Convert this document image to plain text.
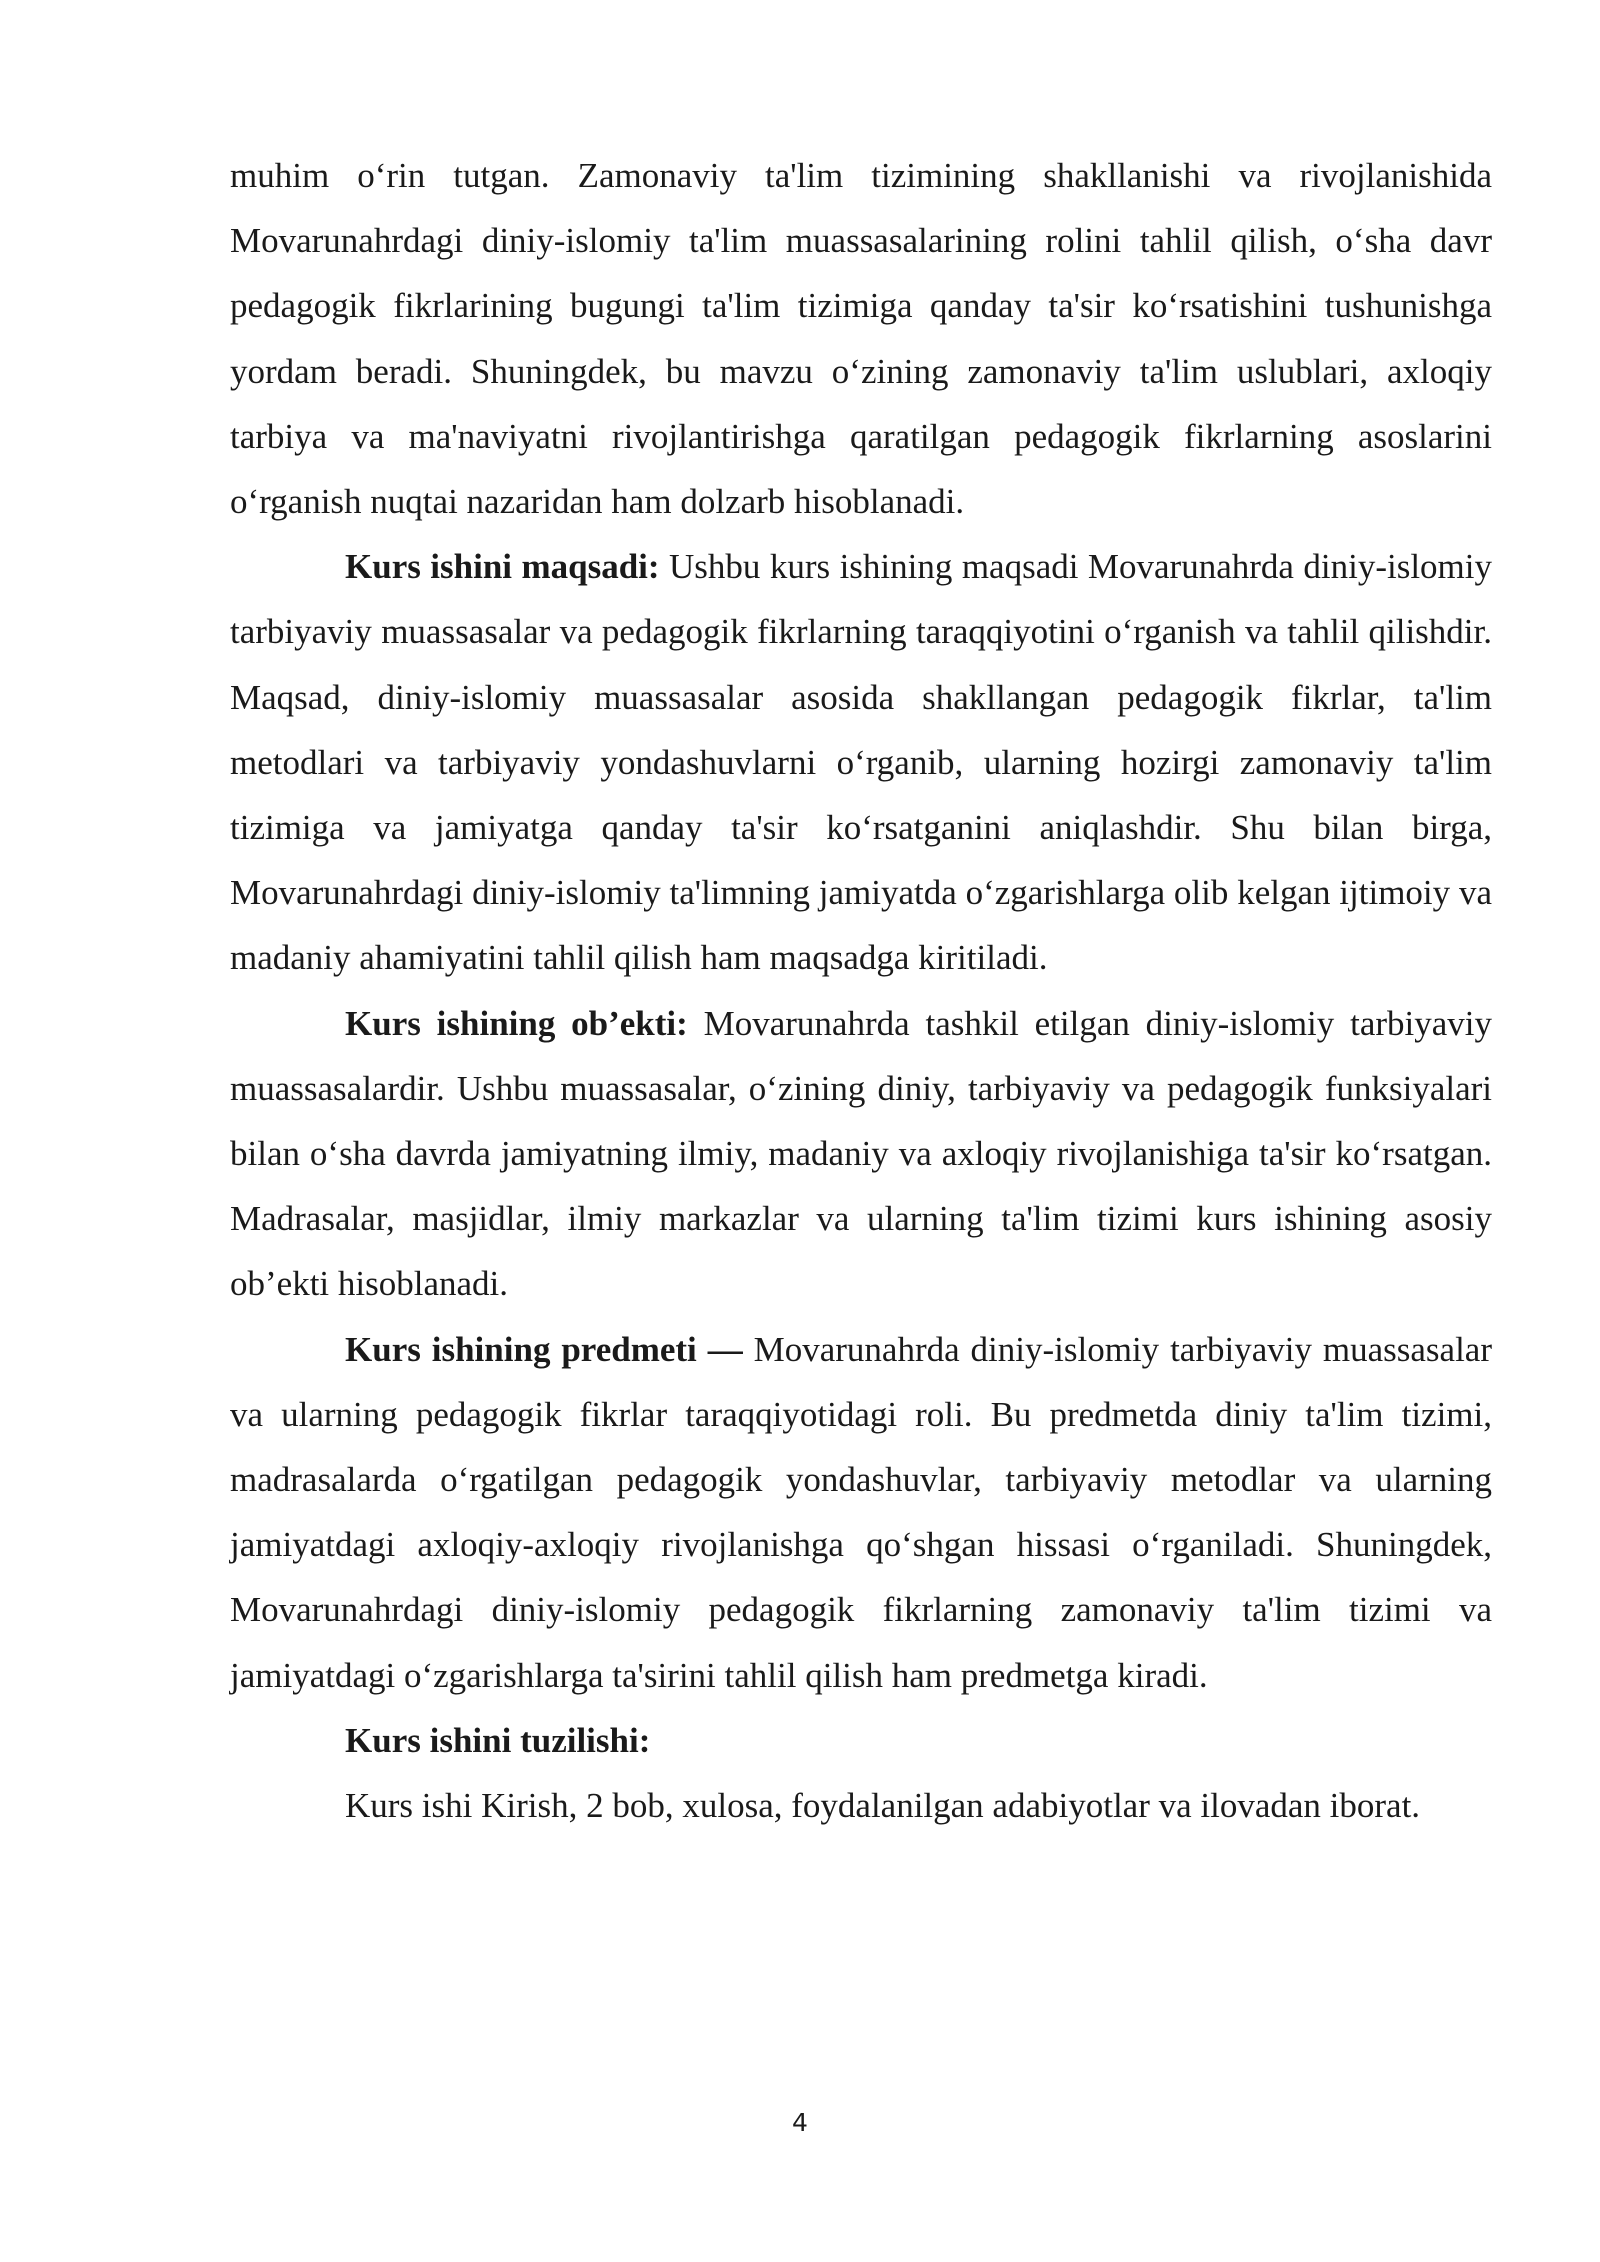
muhim o‘rin tutgan. Zamonaviy ta'lim tizimining shakllanishi va rivojlanishida Movarunahrdagi diniy-islomiy ta'lim muassasalarining rolini tahlil qilish, o‘sha davr pedagogik fikrlarining bugungi ta'lim tizimiga qanday ta'sir ko‘rsatishini tushunishga yordam beradi. Shuningdek, bu mavzu o‘zining zamonaviy ta'lim uslublari, axloqiy tarbiya va ma'naviyatni rivojlantirishga qaratilgan pedagogik fikrlarning asoslarini o‘rganish nuqtai nazaridan ham dolzarb hisoblanadi.

Kurs ishini maqsadi: Ushbu kurs ishining maqsadi Movarunahrda diniy-islomiy tarbiyaviy muassasalar va pedagogik fikrlarning taraqqiyotini o‘rganish va tahlil qilishdir. Maqsad, diniy-islomiy muassasalar asosida shakllangan pedagogik fikrlar, ta'lim metodlari va tarbiyaviy yondashuvlarni o‘rganib, ularning hozirgi zamonaviy ta'lim tizimiga va jamiyatga qanday ta'sir ko‘rsatganini aniqlashdir. Shu bilan birga, Movarunahrdagi diniy-islomiy ta'limning jamiyatda o‘zgarishlarga olib kelgan ijtimoiy va madaniy ahamiyatini tahlil qilish ham maqsadga kiritiladi.

Kurs ishining ob’ekti: Movarunahrda tashkil etilgan diniy-islomiy tarbiyaviy muassasalardir. Ushbu muassasalar, o‘zining diniy, tarbiyaviy va pedagogik funksiyalari bilan o‘sha davrda jamiyatning ilmiy, madaniy va axloqiy rivojlanishiga ta'sir ko‘rsatgan. Madrasalar, masjidlar, ilmiy markazlar va ularning ta'lim tizimi kurs ishining asosiy ob’ekti hisoblanadi.

Kurs ishining predmeti — Movarunahrda diniy-islomiy tarbiyaviy muassasalar va ularning pedagogik fikrlar taraqqiyotidagi roli. Bu predmetda diniy ta'lim tizimi, madrasalarda o‘rgatilgan pedagogik yondashuvlar, tarbiyaviy metodlar va ularning jamiyatdagi axloqiy-axloqiy rivojlanishga qo‘shgan hissasi o‘rganiladi. Shuningdek, Movarunahrdagi diniy-islomiy pedagogik fikrlarning zamonaviy ta'lim tizimi va jamiyatdagi o‘zgarishlarga ta'sirini tahlil qilish ham predmetga kiradi.

Kurs ishini tuzilishi:

Kurs ishi Kirish, 2 bob, xulosa, foydalanilgan adabiyotlar va ilovadan iborat.

4
